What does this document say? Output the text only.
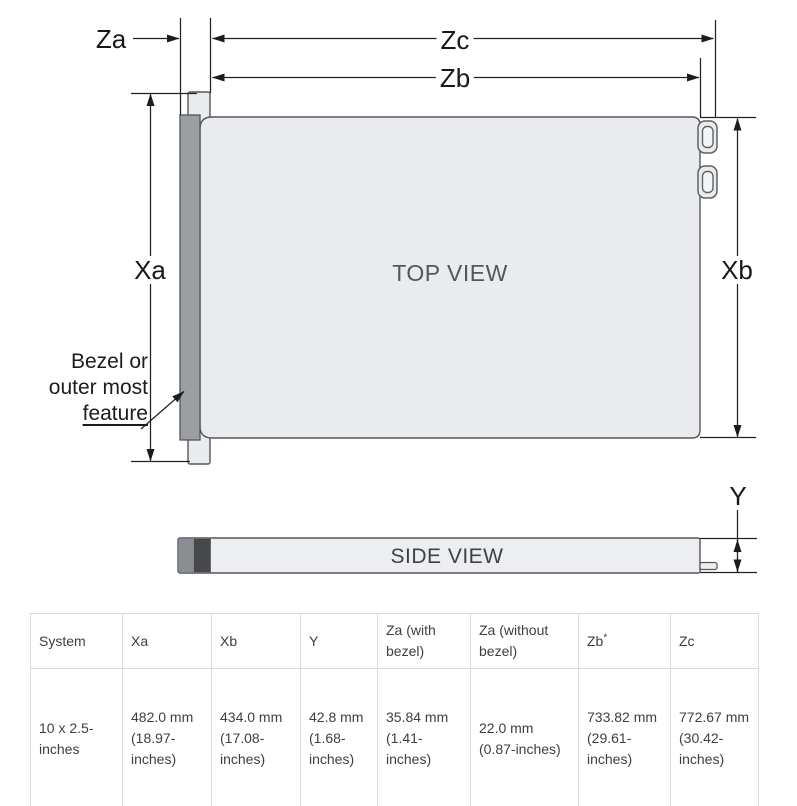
Za	Zc
Zb
Xa	Xb
Y
TOP VIEW
SIDE VIEW
Bezel or
outer most
feature
System	Xa	Xb	Y	Za (with bezel)	Za (without bezel)	Zb*	Zc
10 x 2.5-inches	482.0 mm (18.97-inches)	434.0 mm (17.08-inches)	42.8 mm (1.68-inches)	35.84 mm (1.41-inches)	22.0 mm (0.87-inches)	733.82 mm (29.61-inches)	772.67 mm (30.42-inches)
